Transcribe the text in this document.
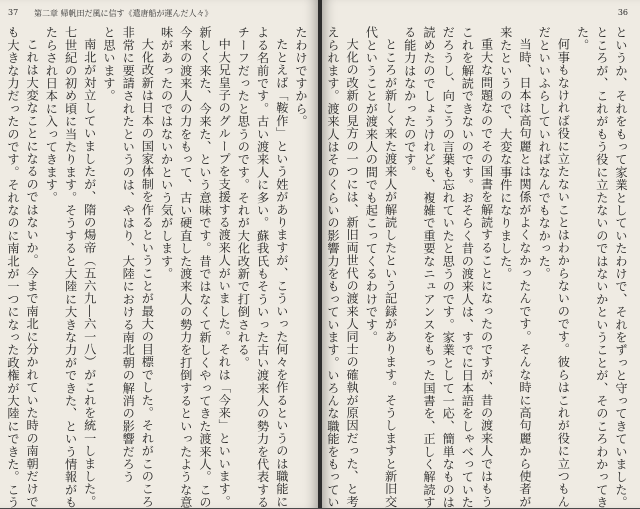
37 第二章 帰帆田だ風に信す《遣唐船が運んだ人々》
たわけですから。
たとえば「鞍作」という姓がありますが、こういった何々を作るというのは職能に
よる名前です。古い渡来人に多い。蘇我氏もそういった古い渡来人の勢力を代表する
チーフだったと思うのです。それが大化改新で打倒される。
中大兄皇子のグループを支援する渡来人がいました。それは「今来」といいます。
新しく来た、今来た、という意味です。昔ではなくて新しくやってきた渡来人。この
今来の渡来人の力をもって、古い硬直した渡来人の勢力を打倒するといったような意
味があったのではないかという気がします。
大化改新は日本の国家体制を作るということが最大の目標でした。それがこのころ
非常に要請されたというのは、やはり、大陸における南北朝の解消の影響だろう
と思います。
南北が対立していましたが、隋の煬帝（五六九―六一八）がこれを統一しました。
七世紀の初め頃に当たります。そうすると大陸に大きな力ができた、という情報がも
たらされ日本に入ってきます。
これは大変なことになるのではないか。今まで南北に分かれていた時の南朝だけで
も大きな力だったのです。それなのに南北が一つになった政権が大陸にできた。こう
36
というか、それをもって家業としていたわけで、それをずっと守ってきていました。
ところが、これがもう役に立たないのではないかということが、そのころわかってき
た。
何事もなければ役に立たないことはわからないのです。彼らはこれが役に立つもん
だといいふらしていればなんでもなかった。
当時、日本は高句麗とは関係がよくなかったんです。そんな時に高句麗から使者が
来たというので、大変な事件になりました。
重大な問題なのでその国書を解読することになったのですが、昔の渡来人ではもう
これを解読できないのです。おそらく昔の渡来人は、すでに日本語をしゃべっていた
だろうし、向こうの言葉も忘れていたと思うのです。家業として一応、簡単なものは
読めたのでしょうけれども、複雑で重要なニュアンスをもった国書を、正しく解読す
る能力はなかったのです。
ところが新しく来た渡来人が解読したという記録があります。そうしますと新旧交
代ということが渡来人の間でも起こってくるわけです。
大化の改新の見方の一つには、新旧両世代の渡来人同士の確執が原因だった、と考
えられます。渡来人はそのくらいの影響力をもっています。いろんな職能をもってい
